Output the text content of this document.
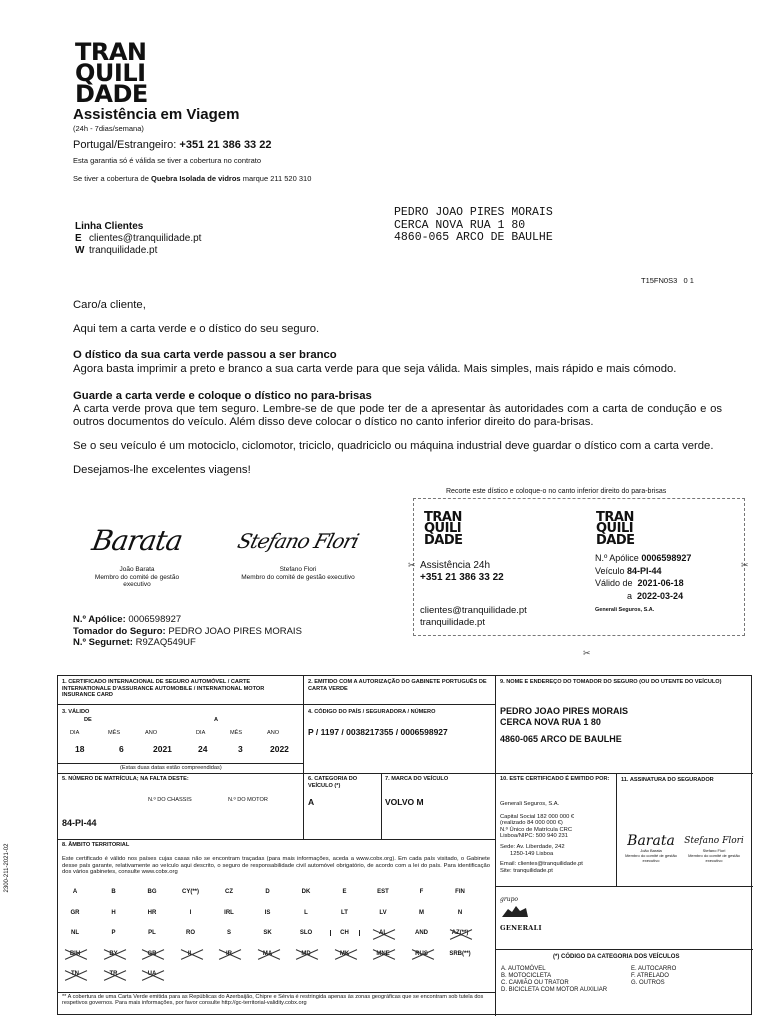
TRAN
QUILI
DADE
Assistência em Viagem
(24h - 7dias/semana)
Portugal/Estrangeiro: +351 21 386 33 22
Esta garantia só é válida se tiver a cobertura no contrato
Se tiver a cobertura de Quebra Isolada de vidros marque 211 520 310
Linha Clientes
E clientes@tranquilidade.pt
W tranquilidade.pt
PEDRO JOAO PIRES MORAIS
CERCA NOVA RUA 1 80
4860-065 ARCO DE BAULHE
T15FN0S3 0 1

Caro/a cliente,

Aqui tem a carta verde e o dístico do seu seguro.

O dístico da sua carta verde passou a ser branco

Agora basta imprimir a preto e branco a sua carta verde para que seja válida. Mais simples, mais rápido e mais cómodo.

Guarde a carta verde e coloque o dístico no para-brisas

A carta verde prova que tem seguro. Lembre-se de que pode ter de a apresentar às autoridades com a carta de condução e os outros documentos do veículo. Além disso deve colocar o dístico no canto inferior direito do para-brisas.

Se o seu veículo é um motociclo, ciclomotor, triciclo, quadriciclo ou máquina industrial deve guardar o dístico com a carta verde.

Desejamos-lhe excelentes viagens!

Barata
João Barata
Membro do comité de gestão executivo
Stefano Flori
Stefano Flori
Membro do comité de gestão executivo
N.º Apólice: 0006598927
Tomador do Seguro: PEDRO JOAO PIRES MORAIS
N.º Segurnet: R9ZAQ549UF
Recorte este dístico e coloque-o no canto inferior direito do para-brisas
TRAN
QUILI
DADE
Assistência 24h
+351 21 386 33 22
clientes@tranquilidade.pt
tranquilidade.pt
TRAN
QUILI
DADE
N.º Apólice 0006598927
Veículo 84-PI-44
Válido de 2021-06-18
a 2022-03-24
Generali Seguros, S.A.
✂	✂
✂
2300-211-2021-02
1. CERTIFICADO INTERNACIONAL DE SEGURO AUTOMÓVEL / CARTE INTERNATIONALE D'ASSURANCE AUTOMOBILE / INTERNATIONAL MOTOR INSURANCE CARD
2. EMITIDO COM A AUTORIZAÇÃO DO GABINETE PORTUGUÊS DE CARTA VERDE
9. NOME E ENDEREÇO DO TOMADOR DO SEGURO (OU DO UTENTE DO VEÍCULO)
PEDRO JOAO PIRES MORAIS
CERCA NOVA RUA 1 80
4860-065 ARCO DE BAULHE
3. VÁLIDO
DE	A
DIA	MÊS	ANO	DIA	MÊS	ANO
18	6	2021	24	3	2022
(Estas duas datas estão compreendidas)
4. CÓDIGO DO PAÍS / SEGURADORA / NÚMERO
P / 1197 / 0038217355 / 0006598927
5. NÚMERO DE MATRÍCULA; NA FALTA DESTE:
N.º DO CHASSIS	N.º DO MOTOR
84-PI-44
6. CATEGORIA DO VEÍCULO (*)
A
7. MARCA DO VEÍCULO
VOLVO M
10. ESTE CERTIFICADO É EMITIDO POR:
Generali Seguros, S.A.
Capital Social 182 000 000 €
(realizado 84 000 000 €)
N.º Único de Matrícula CRC
Lisboa/NIPC: 500 940 231
Sede: Av. Liberdade, 242
1250-149 Lisboa
Email: clientes@tranquilidade.pt
Site: tranquilidade.pt
grupo
GENERALI
11. ASSINATURA DO SEGURADOR
Barata
João Barata
Membro do comité de gestão executivo
Stefano Flori
Stefano Flori
Membro do comité de gestão executivo
8. ÂMBITO TERRITORIAL
Este certificado é válido nos países cujas casas não se encontram traçadas (para mais informações, aceda a www.cobx.org). Em cada país visitado, o Gabinete desse país garante, relativamente ao veículo aqui descrito, o seguro de responsabilidade civil automóvel obrigatório, de acordo com a lei do país. Para identificação dos vários gabinetes, consulte www.cobx.org
A	B	BG	CY(**)	CZ	D	DK	E	EST	F	FIN
GR	H	HR	I	IRL	IS	L	LT	LV	M	N
NL	P	PL	RO	S	SK	SLO	CH	AL	AND	AZ(**)
BIH	BY	GB	IL	IR	MA	MD	MK	MNE	RUS	SRB(**)
TN	TR	UA
** A cobertura de uma Carta Verde emitida para as Repúblicas do Azerbaijão, Chipre e Sérvia é restringida apenas às zonas geográficas que se encontram sob tutela dos respetivos governos. Para mais informações, por favor consulte http://gc-territorial-validity.cobx.org
(*) CÓDIGO DA CATEGORIA DOS VEÍCULOS
A. AUTOMÓVEL
B. MOTOCICLETA
C. CAMIÃO OU TRATOR
D. BICICLETA COM MOTOR AUXILIAR
E. AUTOCARRO
F. ATRELADO
G. OUTROS
